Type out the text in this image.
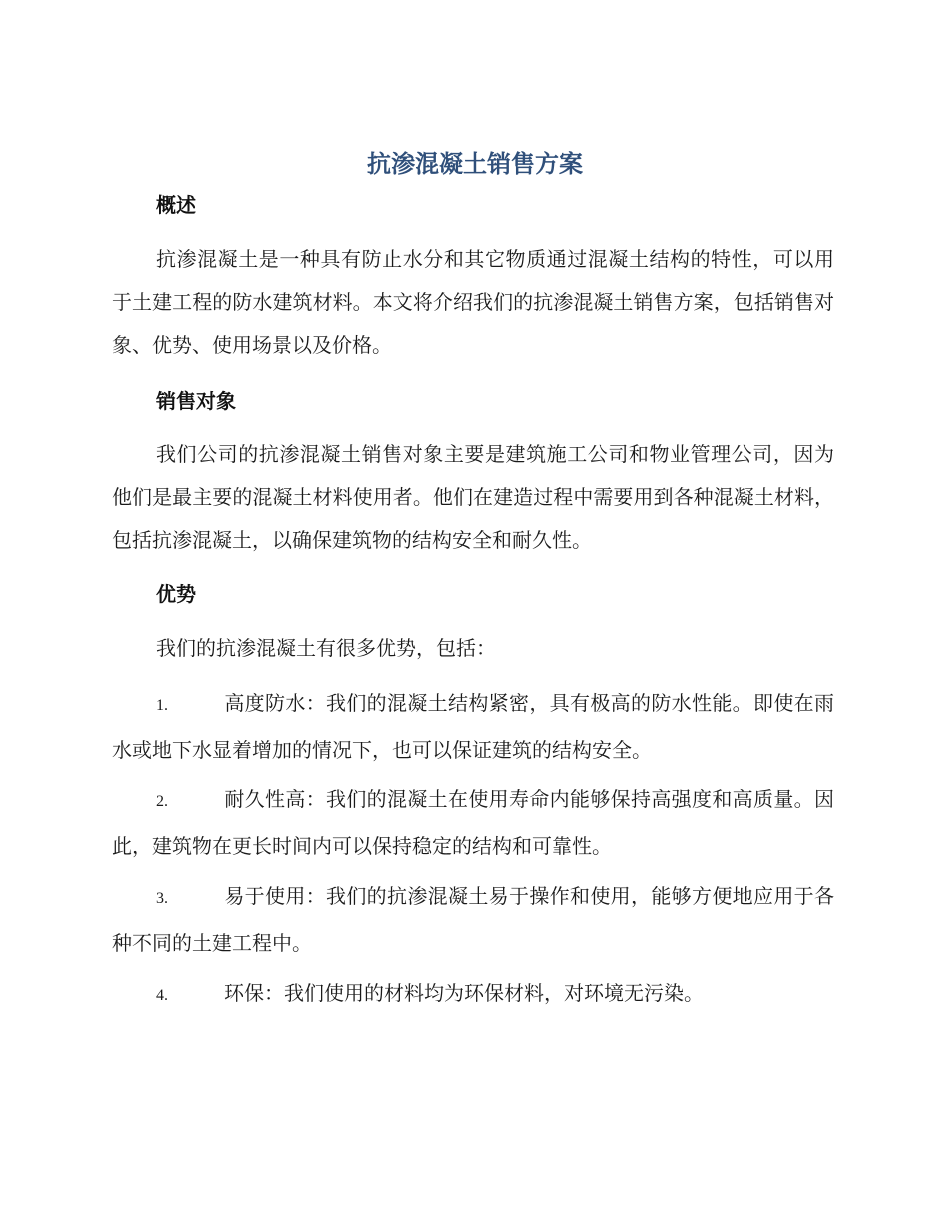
抗渗混凝土销售方案
概述

抗渗混凝土是一种具有防止水分和其它物质通过混凝土结构的特性，可以用于土建工程的防水建筑材料。本文将介绍我们的抗渗混凝土销售方案，包括销售对象、优势、使用场景以及价格。

销售对象

我们公司的抗渗混凝土销售对象主要是建筑施工公司和物业管理公司，因为他们是最主要的混凝土材料使用者。他们在建造过程中需要用到各种混凝土材料，包括抗渗混凝土，以确保建筑物的结构安全和耐久性。

优势

我们的抗渗混凝土有很多优势，包括：

1.	高度防水：我们的混凝土结构紧密，具有极高的防水性能。即使在雨水或地下水显着增加的情况下，也可以保证建筑的结构安全。
2.	耐久性高：我们的混凝土在使用寿命内能够保持高强度和高质量。因此，建筑物在更长时间内可以保持稳定的结构和可靠性。
3.	易于使用：我们的抗渗混凝土易于操作和使用，能够方便地应用于各种不同的土建工程中。
4.	环保：我们使用的材料均为环保材料，对环境无污染。
